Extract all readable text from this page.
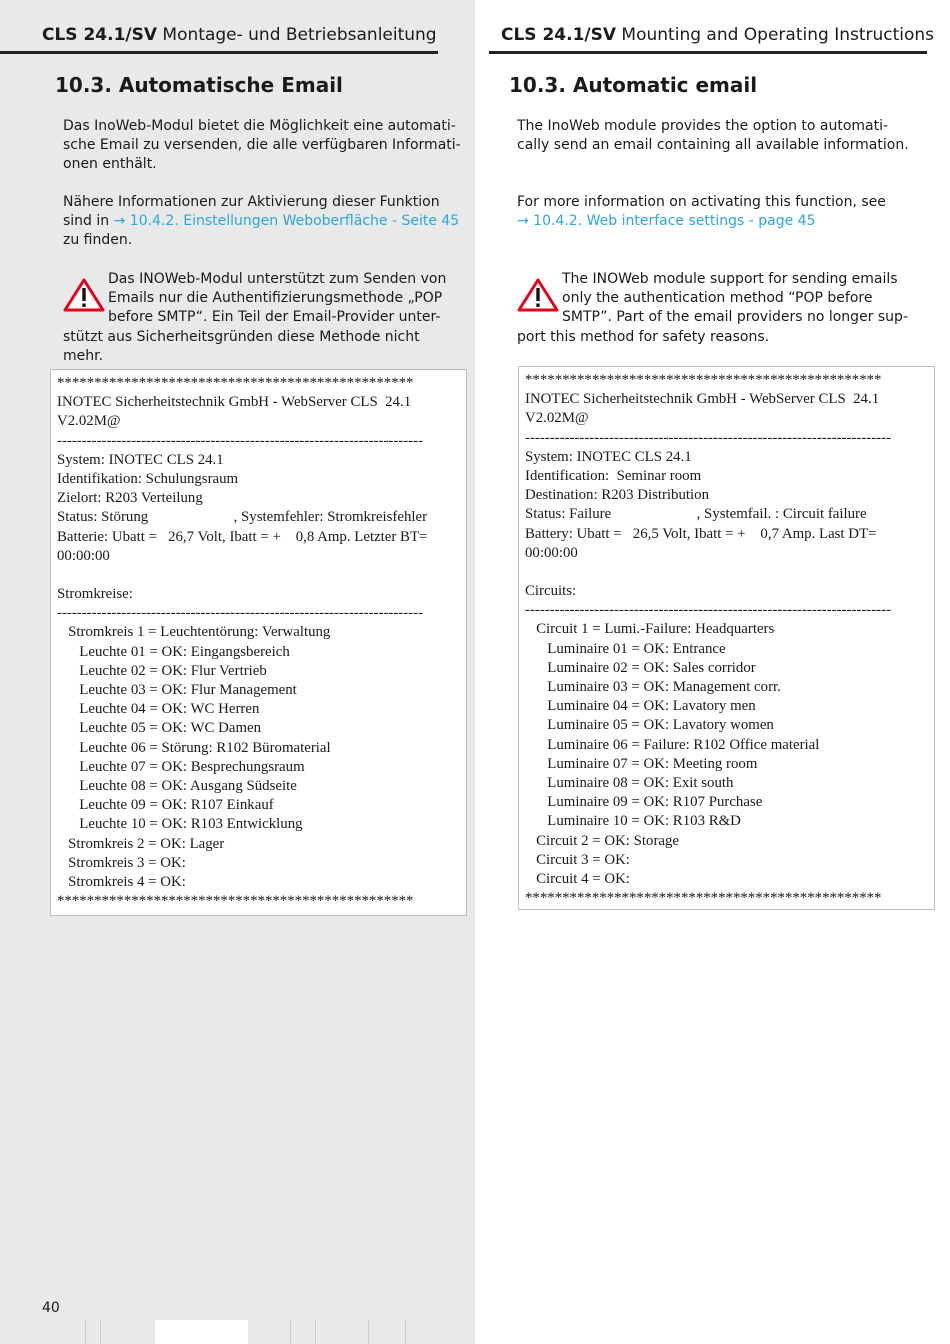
CLS 24.1/SV Montage- und Betriebsanleitung
10.3. Automatische Email
Das InoWeb-Modul bietet die Möglichkeit eine automati-
sche Email zu versenden, die alle verfügbaren Informati-
onen enthält.
Nähere Informationen zur Aktivierung dieser Funktion
sind in → 10.4.2. Einstellungen Weboberfläche - Seite 45
zu finden.
Das INOWeb-Modul unterstützt zum Senden von
Emails nur die Authentifizierungsmethode „POP
before SMTP“. Ein Teil der Email-Provider unter-
stützt aus Sicherheitsgründen diese Methode nicht mehr.
************************************************
INOTEC Sicherheitstechnik GmbH - WebServer CLS  24.1
V2.02M@
--------------------------------------------------------------------------
System: INOTEC CLS 24.1
Identifikation: Schulungsraum
Zielort: R203 Verteilung
Status: Störung                       , Systemfehler: Stromkreisfehler
Batterie: Ubatt =   26,7 Volt, Ibatt = +    0,8 Amp. Letzter BT=
00:00:00
Stromkreise:
--------------------------------------------------------------------------
Stromkreis 1 = Leuchtentörung: Verwaltung
Leuchte 01 = OK: Eingangsbereich
Leuchte 02 = OK: Flur Vertrieb
Leuchte 03 = OK: Flur Management
Leuchte 04 = OK: WC Herren
Leuchte 05 = OK: WC Damen
Leuchte 06 = Störung: R102 Büromaterial
Leuchte 07 = OK: Besprechungsraum
Leuchte 08 = OK: Ausgang Südseite
Leuchte 09 = OK: R107 Einkauf
Leuchte 10 = OK: R103 Entwicklung
Stromkreis 2 = OK: Lager
Stromkreis 3 = OK:
Stromkreis 4 = OK:
************************************************
40
CLS 24.1/SV Mounting and Operating Instructions
10.3. Automatic email
The InoWeb module provides the option to automati-
cally send an email containing all available information.
For more information on activating this function, see
→ 10.4.2. Web interface settings - page 45
The INOWeb module support for sending emails
only the authentication method “POP before
SMTP”. Part of the email providers no longer sup-
port this method for safety reasons.
************************************************
INOTEC Sicherheitstechnik GmbH - WebServer CLS  24.1
V2.02M@
--------------------------------------------------------------------------
System: INOTEC CLS 24.1
Identification:  Seminar room
Destination: R203 Distribution
Status: Failure                       , Systemfail. : Circuit failure
Battery: Ubatt =   26,5 Volt, Ibatt = +    0,7 Amp. Last DT=
00:00:00
Circuits:
--------------------------------------------------------------------------
Circuit 1 = Lumi.-Failure: Headquarters
Luminaire 01 = OK: Entrance
Luminaire 02 = OK: Sales corridor
Luminaire 03 = OK: Management corr.
Luminaire 04 = OK: Lavatory men
Luminaire 05 = OK: Lavatory women
Luminaire 06 = Failure: R102 Office material
Luminaire 07 = OK: Meeting room
Luminaire 08 = OK: Exit south
Luminaire 09 = OK: R107 Purchase
Luminaire 10 = OK: R103 R&D
Circuit 2 = OK: Storage
Circuit 3 = OK:
Circuit 4 = OK:
************************************************
